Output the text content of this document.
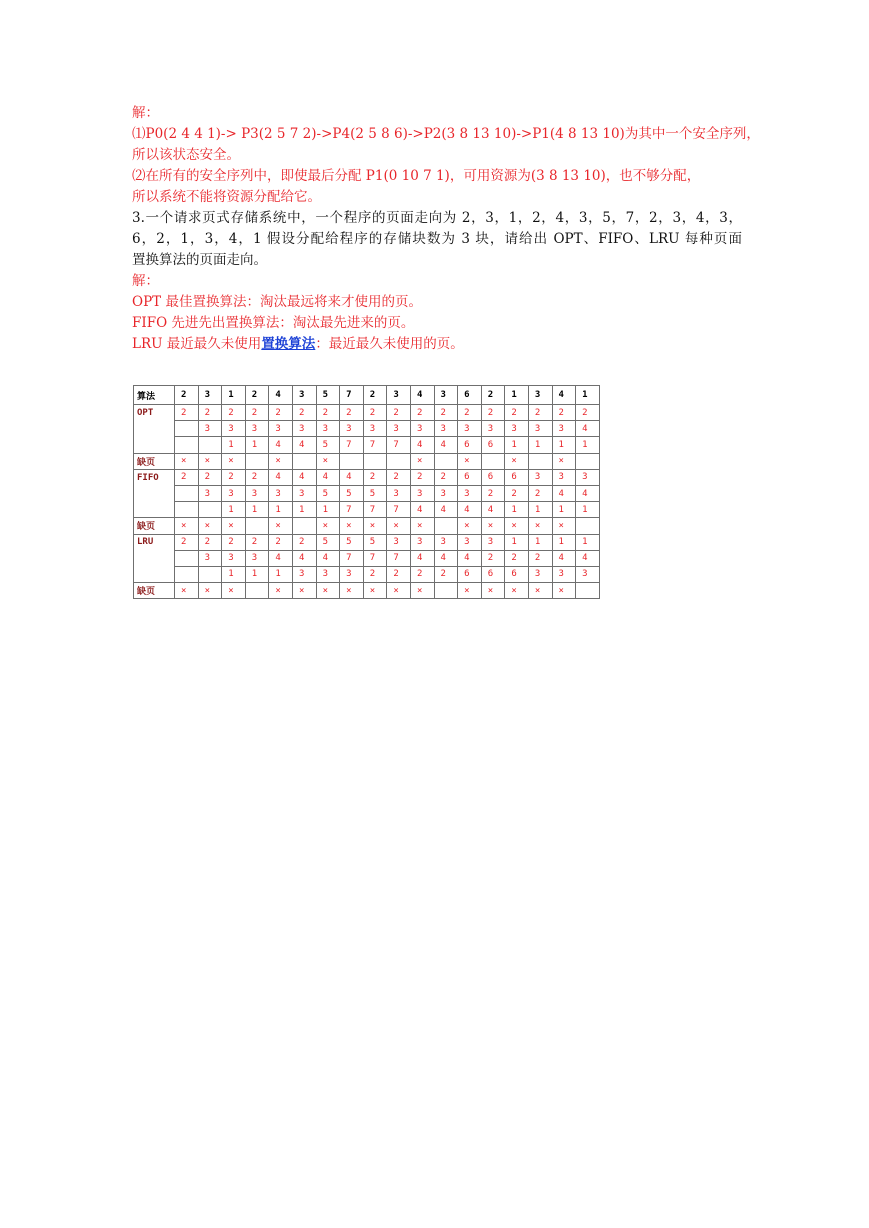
解：
⑴P0(2 4 4 1)-> P3(2 5 7 2)->P4(2 5 8 6)->P2(3 8 13 10)->P1(4 8 13 10)为其中一个安全序列，
所以该状态安全。
⑵在所有的安全序列中，即使最后分配 P1(0 10 7 1)，可用资源为(3 8 13 10)，也不够分配，
所以系统不能将资源分配给它。
3.一个请求页式存储系统中，一个程序的页面走向为 2，3，1，2，4，3，5，7，2，3，4，3，
6，2，1，3，4，1 假设分配给程序的存储块数为 3 块，请给出 OPT、FIFO、LRU 每种页面
置换算法的页面走向。
解：
OPT 最佳置换算法：淘汰最远将来才使用的页。
FIFO 先进先出置换算法：淘汰最先进来的页。
LRU 最近最久未使用置换算法：最近最久未使用的页。
算法	2	3	1	2	4	3	5	7	2	3	4	3	6	2	1	3	4	1
OPT	2	2	2	2	2	2	2	2	2	2	2	2	2	2	2	2	2	2
		3	3	3	3	3	3	3	3	3	3	3	3	3	3	3	3	4
			1	1	4	4	5	7	7	7	4	4	6	6	1	1	1	1
缺页	×	×	×		×		×				×		×		×		×	
FIFO	2	2	2	2	4	4	4	4	2	2	2	2	6	6	6	3	3	3
		3	3	3	3	3	5	5	5	3	3	3	3	2	2	2	4	4
			1	1	1	1	1	7	7	7	4	4	4	4	1	1	1	1
缺页	×	×	×		×		×	×	×	×	×		×	×	×	×	×	
LRU	2	2	2	2	2	2	5	5	5	3	3	3	3	3	1	1	1	1
		3	3	3	4	4	4	7	7	7	4	4	4	2	2	2	4	4
			1	1	1	3	3	3	2	2	2	2	6	6	6	3	3	3
缺页	×	×	×		×	×	×	×	×	×	×		×	×	×	×	×	
